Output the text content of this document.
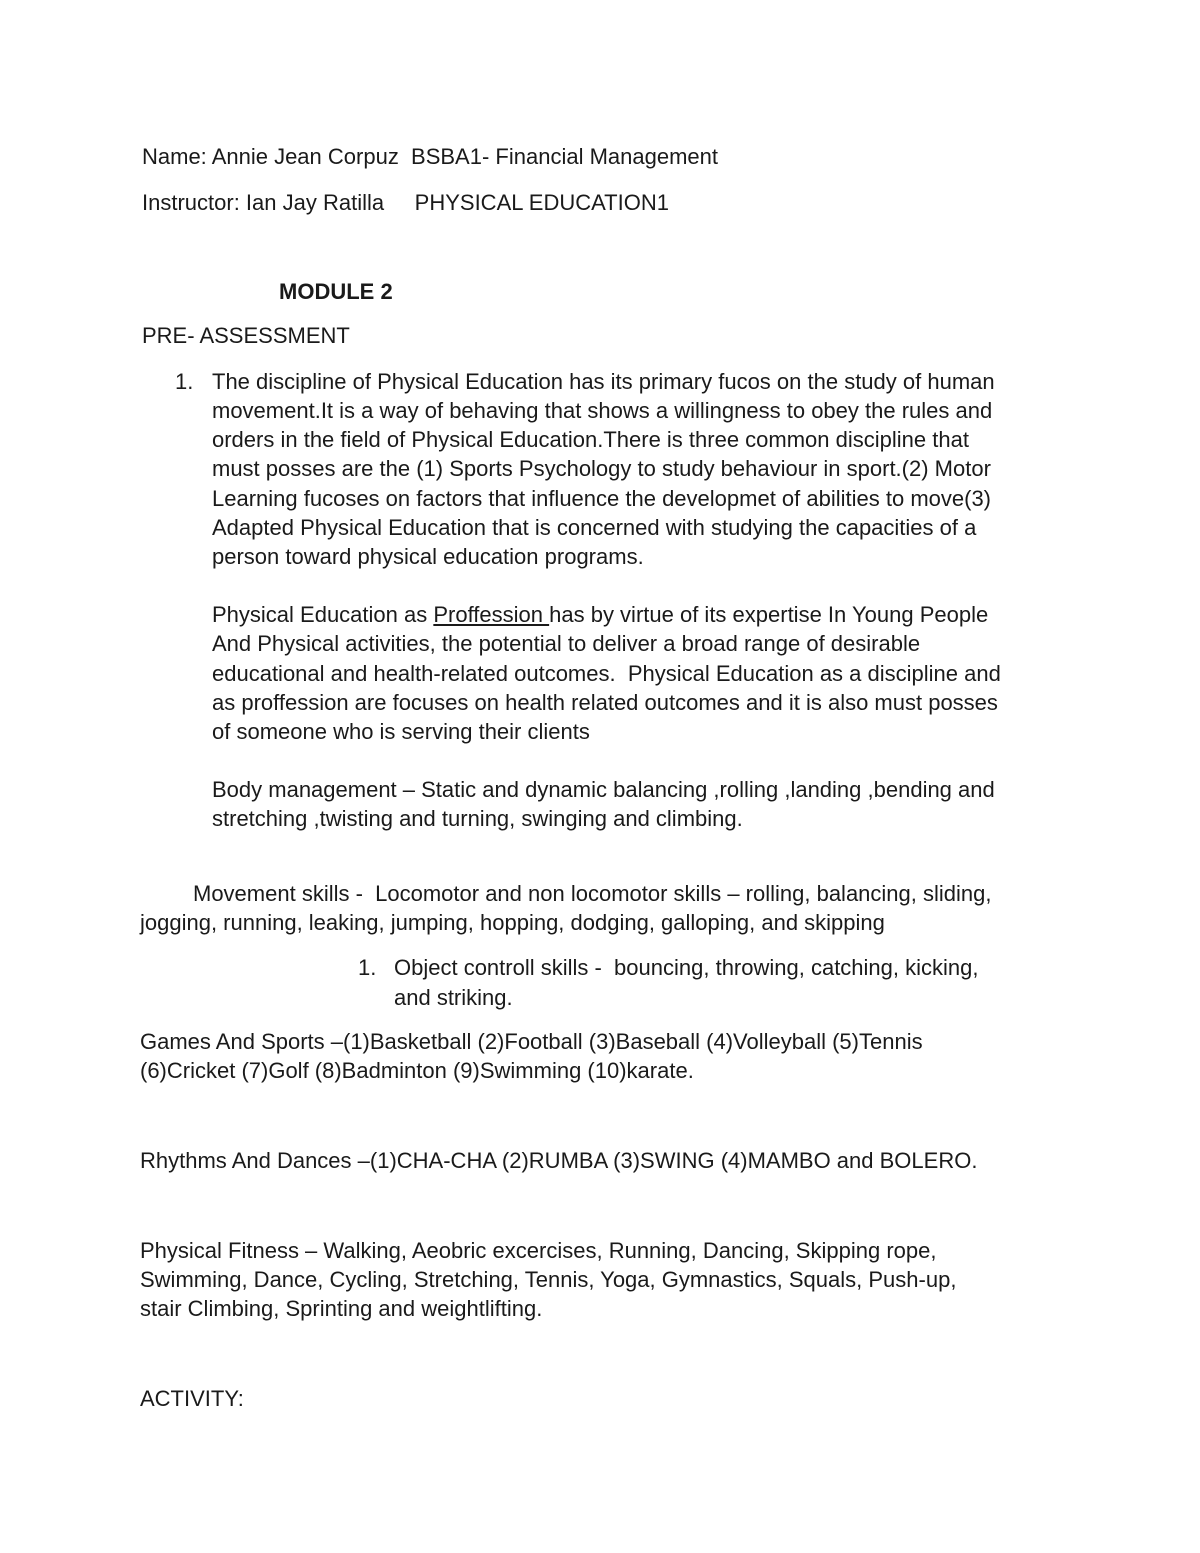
Name: Annie Jean Corpuz  BSBA1- Financial Management
Instructor: Ian Jay Ratilla     PHYSICAL EDUCATION1
MODULE 2
PRE- ASSESSMENT
1. The discipline of Physical Education has its primary fucos on the study of human
movement.It is a way of behaving that shows a willingness to obey the rules and
orders in the field of Physical Education.There is three common discipline that
must posses are the (1) Sports Psychology to study behaviour in sport.(2) Motor
Learning fucoses on factors that influence the developmet of abilities to move(3)
Adapted Physical Education that is concerned with studying the capacities of a
person toward physical education programs.
Physical Education as Proffession has by virtue of its expertise In Young People
And Physical activities, the potential to deliver a broad range of desirable
educational and health-related outcomes.  Physical Education as a discipline and
as proffession are focuses on health related outcomes and it is also must posses
of someone who is serving their clients
Body management – Static and dynamic balancing ,rolling ,landing ,bending and
stretching ,twisting and turning, swinging and climbing.
Movement skills -  Locomotor and non locomotor skills – rolling, balancing, sliding,
jogging, running, leaking, jumping, hopping, dodging, galloping, and skipping
1. Object controll skills -  bouncing, throwing, catching, kicking,
and striking.
Games And Sports –(1)Basketball (2)Football (3)Baseball (4)Volleyball (5)Tennis
(6)Cricket (7)Golf (8)Badminton (9)Swimming (10)karate.
Rhythms And Dances –(1)CHA-CHA (2)RUMBA (3)SWING (4)MAMBO and BOLERO.
Physical Fitness – Walking, Aeobric excercises, Running, Dancing, Skipping rope,
Swimming, Dance, Cycling, Stretching, Tennis, Yoga, Gymnastics, Squals, Push-up,
stair Climbing, Sprinting and weightlifting.
ACTIVITY:
